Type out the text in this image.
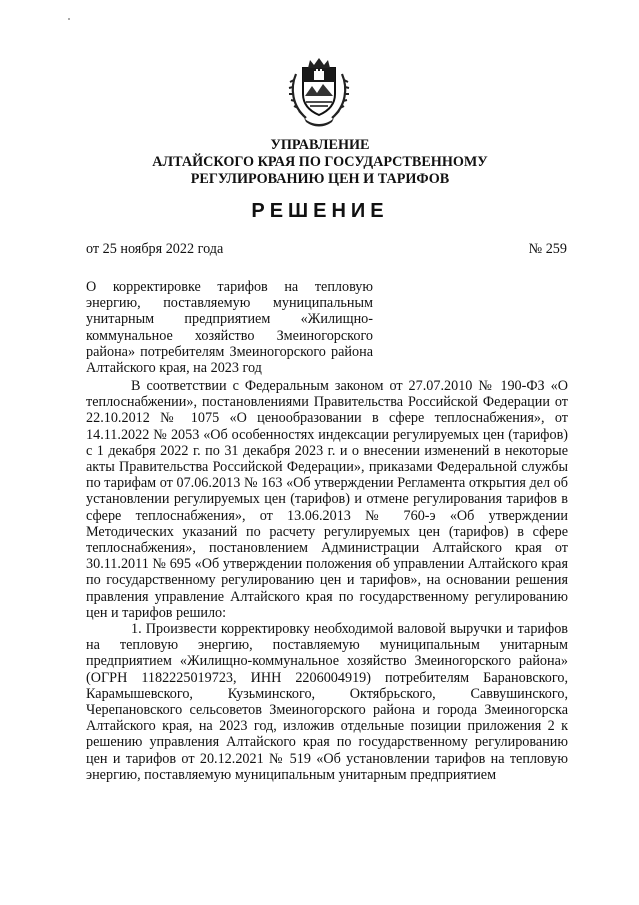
УПРАВЛЕНИЕ
АЛТАЙСКОГО КРАЯ ПО ГОСУДАРСТВЕННОМУ
РЕГУЛИРОВАНИЮ ЦЕН И ТАРИФОВ
РЕШЕНИЕ
от 25 ноября 2022 года	№ 259
О корректировке тарифов на тепловую энергию, поставляемую муниципальным унитарным предприятием «Жилищно-коммунальное хозяйство Змеиногорского района» потребителям Змеиногорского района Алтайского края, на 2023 год

В соответствии с Федеральным законом от 27.07.2010 № 190-ФЗ «О теплоснабжении», постановлениями Правительства Российской Федерации от 22.10.2012 № 1075 «О ценообразовании в сфере теплоснабжения», от 14.11.2022 № 2053 «Об особенностях индексации регулируемых цен (тарифов) с 1 декабря 2022 г. по 31 декабря 2023 г. и о внесении изменений в некоторые акты Правительства Российской Федерации», приказами Федеральной службы по тарифам от 07.06.2013 № 163 «Об утверждении Регламента открытия дел об установлении регулируемых цен (тарифов) и отмене регулирования тарифов в сфере теплоснабжения», от 13.06.2013 № 760-э «Об утверждении Методических указаний по расчету регулируемых цен (тарифов) в сфере теплоснабжения», постановлением Администрации Алтайского края от 30.11.2011 № 695 «Об утверждении положения об управлении Алтайского края по государственному регулированию цен и тарифов», на основании решения правления управление Алтайского края по государственному регулированию цен и тарифов решило:

1. Произвести корректировку необходимой валовой выручки и тарифов на тепловую энергию, поставляемую муниципальным унитарным предприятием «Жилищно-коммунальное хозяйство Змеиногорского района» (ОГРН 1182225019723, ИНН 2206004919) потребителям Барановского, Карамышевского, Кузьминского, Октябрьского, Саввушинского, Черепановского сельсоветов Змеиногорского района и города Змеиногорска Алтайского края, на 2023 год, изложив отдельные позиции приложения 2 к решению управления Алтайского края по государственному регулированию цен и тарифов от 20.12.2021 № 519 «Об установлении тарифов на тепловую энергию, поставляемую муниципальным унитарным предприятием
